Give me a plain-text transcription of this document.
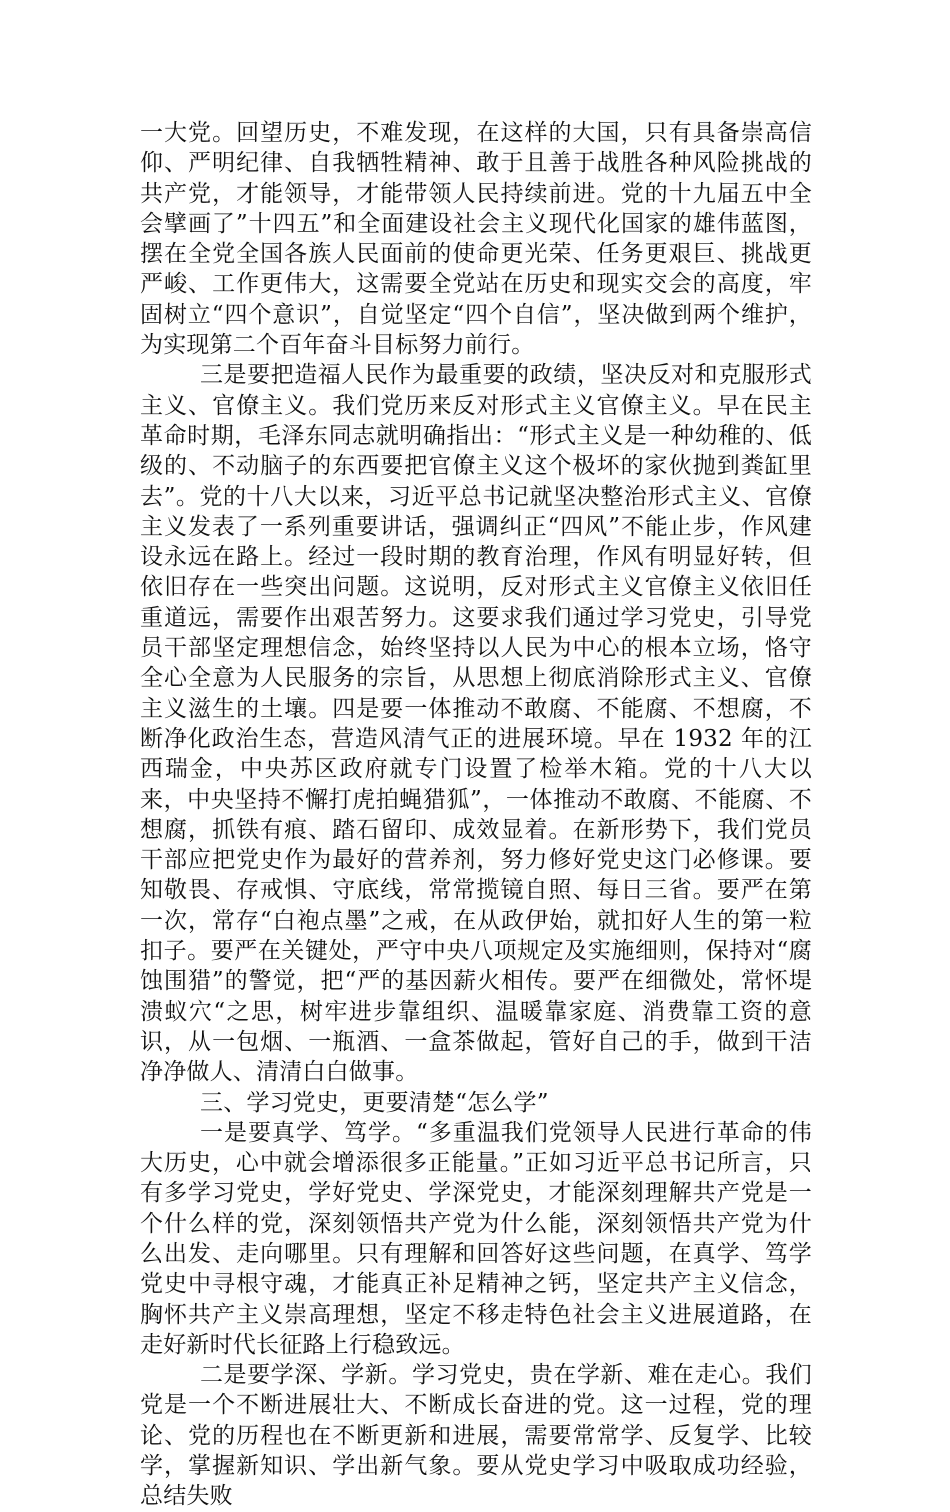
一大党。回望历史，不难发现，在这样的大国，只有具备崇高信仰、严明纪律、自我牺牲精神、敢于且善于战胜各种风险挑战的共产党，才能领导，才能带领人民持续前进。党的十九届五中全会擘画了”十四五”和全面建设社会主义现代化国家的雄伟蓝图，摆在全党全国各族人民面前的使命更光荣、任务更艰巨、挑战更严峻、工作更伟大，这需要全党站在历史和现实交会的高度，牢固树立“四个意识”，自觉坚定“四个自信”，坚决做到两个维护，为实现第二个百年奋斗目标努力前行。

三是要把造福人民作为最重要的政绩，坚决反对和克服形式主义、官僚主义。我们党历来反对形式主义官僚主义。早在民主革命时期，毛泽东同志就明确指出：“形式主义是一种幼稚的、低级的、不动脑子的东西要把官僚主义这个极坏的家伙抛到粪缸里去”。党的十八大以来，习近平总书记就坚决整治形式主义、官僚主义发表了一系列重要讲话，强调纠正“四风”不能止步，作风建设永远在路上。经过一段时期的教育治理，作风有明显好转，但依旧存在一些突出问题。这说明，反对形式主义官僚主义依旧任重道远，需要作出艰苦努力。这要求我们通过学习党史，引导党员干部坚定理想信念，始终坚持以人民为中心的根本立场，恪守全心全意为人民服务的宗旨，从思想上彻底消除形式主义、官僚主义滋生的土壤。四是要一体推动不敢腐、不能腐、不想腐，不断净化政治生态，营造风清气正的进展环境。早在 1932 年的江西瑞金，中央苏区政府就专门设置了检举木箱。党的十八大以来，中央坚持不懈打虎拍蝇猎狐”，一体推动不敢腐、不能腐、不想腐，抓铁有痕、踏石留印、成效显着。在新形势下，我们党员干部应把党史作为最好的营养剂，努力修好党史这门必修课。要知敬畏、存戒惧、守底线，常常揽镜自照、每日三省。要严在第一次，常存“白袍点墨”之戒，在从政伊始，就扣好人生的第一粒扣子。要严在关键处，严守中央八项规定及实施细则，保持对“腐蚀围猎”的警觉，把“严的基因薪火相传。要严在细微处，常怀堤溃蚁穴“之思，树牢进步靠组织、温暖靠家庭、消费靠工资的意识，从一包烟、一瓶酒、一盒茶做起，管好自己的手，做到干洁净净做人、清清白白做事。

三、学习党史，更要清楚“怎么学”

一是要真学、笃学。“多重温我们党领导人民进行革命的伟大历史，心中就会增添很多正能量。”正如习近平总书记所言，只有多学习党史，学好党史、学深党史，才能深刻理解共产党是一个什么样的党，深刻领悟共产党为什么能，深刻领悟共产党为什么出发、走向哪里。只有理解和回答好这些问题，在真学、笃学党史中寻根守魂，才能真正补足精神之钙，坚定共产主义信念，胸怀共产主义崇高理想，坚定不移走特色社会主义进展道路，在走好新时代长征路上行稳致远。

二是要学深、学新。学习党史，贵在学新、难在走心。我们党是一个不断进展壮大、不断成长奋进的党。这一过程，党的理论、党的历程也在不断更新和进展，需要常常学、反复学、比较学，掌握新知识、学出新气象。要从党史学习中吸取成功经验，总结失败
